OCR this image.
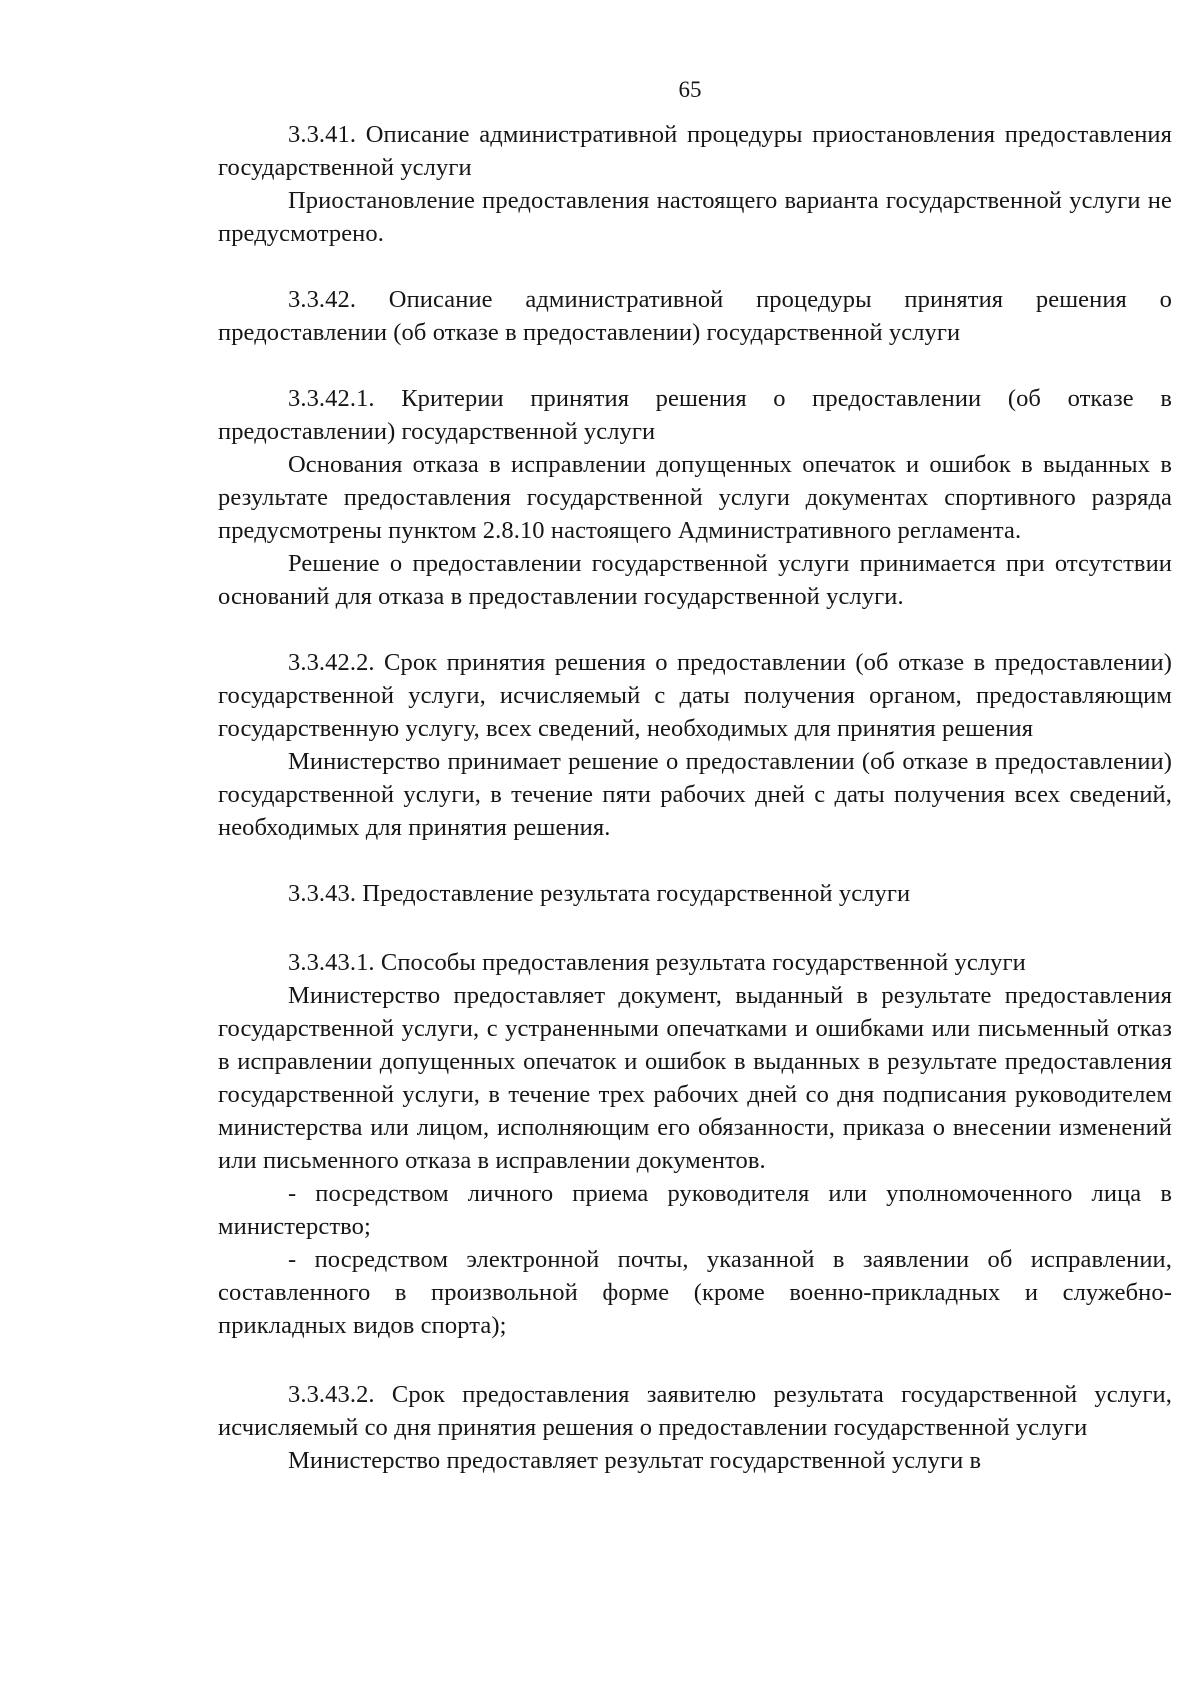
65

3.3.41. Описание административной процедуры приостановления предоставления государственной услуги

Приостановление предоставления настоящего варианта государственной услуги не предусмотрено.

3.3.42. Описание административной процедуры принятия решения о предоставлении (об отказе в предоставлении) государственной услуги

3.3.42.1. Критерии принятия решения о предоставлении (об отказе в предоставлении) государственной услуги

Основания отказа в исправлении допущенных опечаток и ошибок в выданных в результате предоставления государственной услуги документах спортивного разряда предусмотрены пунктом 2.8.10 настоящего Административного регламента.

Решение о предоставлении государственной услуги принимается при отсутствии оснований для отказа в предоставлении государственной услуги.

3.3.42.2. Срок принятия решения о предоставлении (об отказе в предоставлении) государственной услуги, исчисляемый с даты получения органом, предоставляющим государственную услугу, всех сведений, необходимых для принятия решения

Министерство принимает решение о предоставлении (об отказе в предоставлении) государственной услуги, в течение пяти рабочих дней с даты получения всех сведений, необходимых для принятия решения.

3.3.43. Предоставление результата государственной услуги

3.3.43.1. Способы предоставления результата государственной услуги

Министерство предоставляет документ, выданный в результате предоставления государственной услуги, с устраненными опечатками и ошибками или письменный отказ в исправлении допущенных опечаток и ошибок в выданных в результате предоставления государственной услуги, в течение трех рабочих дней со дня подписания руководителем министерства или лицом, исполняющим его обязанности, приказа о внесении изменений или письменного отказа в исправлении документов.

- посредством личного приема руководителя или уполномоченного лица в министерство;

- посредством электронной почты, указанной в заявлении об исправлении, составленного в произвольной форме (кроме военно-прикладных и служебно-прикладных видов спорта);

3.3.43.2. Срок предоставления заявителю результата государственной услуги, исчисляемый со дня принятия решения о предоставлении государственной услуги

Министерство предоставляет результат государственной услуги в
